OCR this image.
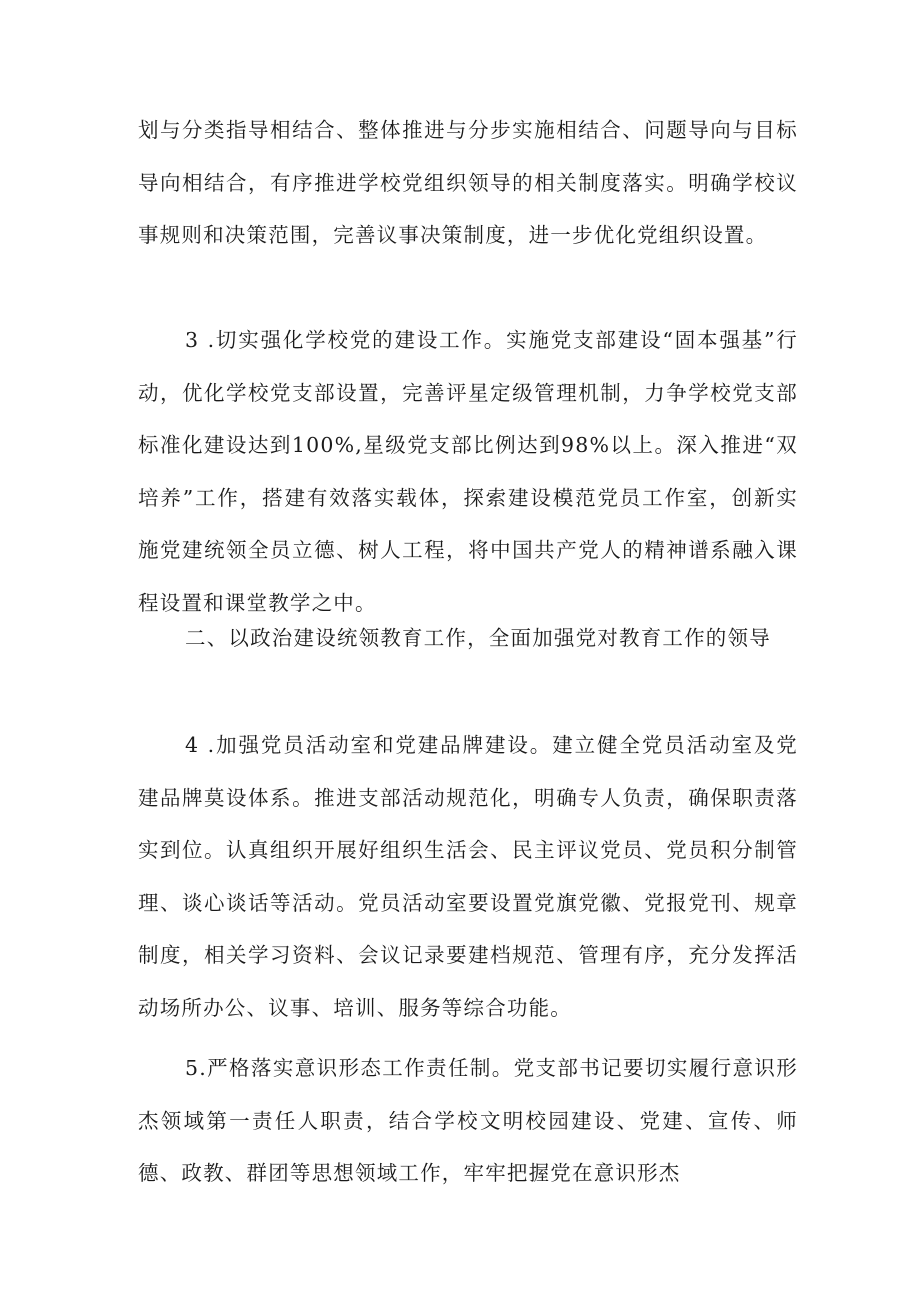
划与分类指导相结合、整体推进与分步实施相结合、问题导向与目标导向相结合，有序推进学校党组织领导的相关制度落实。明确学校议事规则和决策范围，完善议事决策制度，进一步优化党组织设置。

3 .切实强化学校党的建设工作。实施党支部建设“固本强基”行动，优化学校党支部设置，完善评星定级管理机制，力争学校党支部标准化建设达到100%,星级党支部比例达到98%以上。深入推进“双培养”工作，搭建有效落实载体，探索建设模范党员工作室，创新实施党建统领全员立德、树人工程，将中国共产党人的精神谱系融入课程设置和课堂教学之中。

二、以政治建设统领教育工作，全面加强党对教育工作的领导

4 .加强党员活动室和党建品牌建设。建立健全党员活动室及党建品牌莫设体系。推进支部活动规范化，明确专人负责，确保职责落实到位。认真组织开展好组织生活会、民主评议党员、党员积分制管理、谈心谈话等活动。党员活动室要设置党旗党徽、党报党刊、规章制度，相关学习资料、会议记录要建档规范、管理有序，充分发挥活动场所办公、议事、培训、服务等综合功能。

5.严格落实意识形态工作责任制。党支部书记要切实履行意识形杰领域第一责任人职责，结合学校文明校园建设、党建、宣传、师德、政教、群团等思想领域工作，牢牢把握党在意识形杰
